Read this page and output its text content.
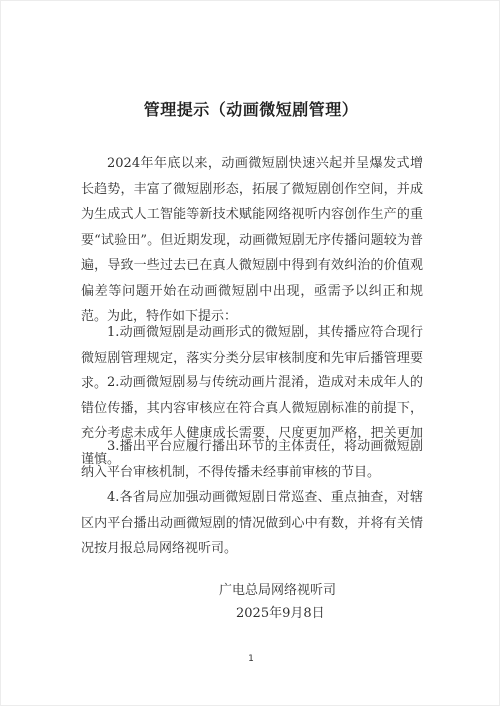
管理提示（动画微短剧管理）

2024年年底以来，动画微短剧快速兴起并呈爆发式增长趋势，丰富了微短剧形态，拓展了微短剧创作空间，并成为生成式人工智能等新技术赋能网络视听内容创作生产的重要“试验田”。但近期发现，动画微短剧无序传播问题较为普遍，导致一些过去已在真人微短剧中得到有效纠治的价值观偏差等问题开始在动画微短剧中出现，亟需予以纠正和规范。为此，特作如下提示：

1.动画微短剧是动画形式的微短剧，其传播应符合现行微短剧管理规定，落实分类分层审核制度和先审后播管理要求。 2.动画微短剧易与传统动画片混淆，造成对未成年人的错位传播，其内容审核应在符合真人微短剧标准的前提下，充分考虑未成年人健康成长需要，尺度更加严格，把关更加谨慎。

3.播出平台应履行播出环节的主体责任，将动画微短剧纳入平台审核机制，不得传播未经事前审核的节目。

4.各省局应加强动画微短剧日常巡查、重点抽查，对辖区内平台播出动画微短剧的情况做到心中有数，并将有关情况按月报总局网络视听司。

广电总局网络视听司
2025年9月8日
1
